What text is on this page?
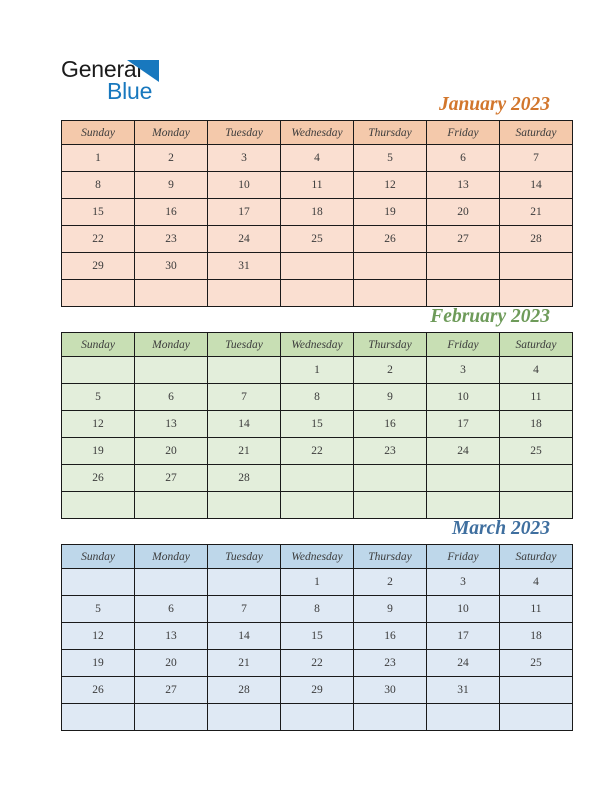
General
Blue
January 2023
Sunday	Monday	Tuesday	Wednesday	Thursday	Friday	Saturday
1	2	3	4	5	6	7
8	9	10	11	12	13	14
15	16	17	18	19	20	21
22	23	24	25	26	27	28
29	30	31				

February 2023
Sunday	Monday	Tuesday	Wednesday	Thursday	Friday	Saturday
			1	2	3	4
5	6	7	8	9	10	11
12	13	14	15	16	17	18
19	20	21	22	23	24	25
26	27	28				

March 2023
Sunday	Monday	Tuesday	Wednesday	Thursday	Friday	Saturday
			1	2	3	4
5	6	7	8	9	10	11
12	13	14	15	16	17	18
19	20	21	22	23	24	25
26	27	28	29	30	31	
